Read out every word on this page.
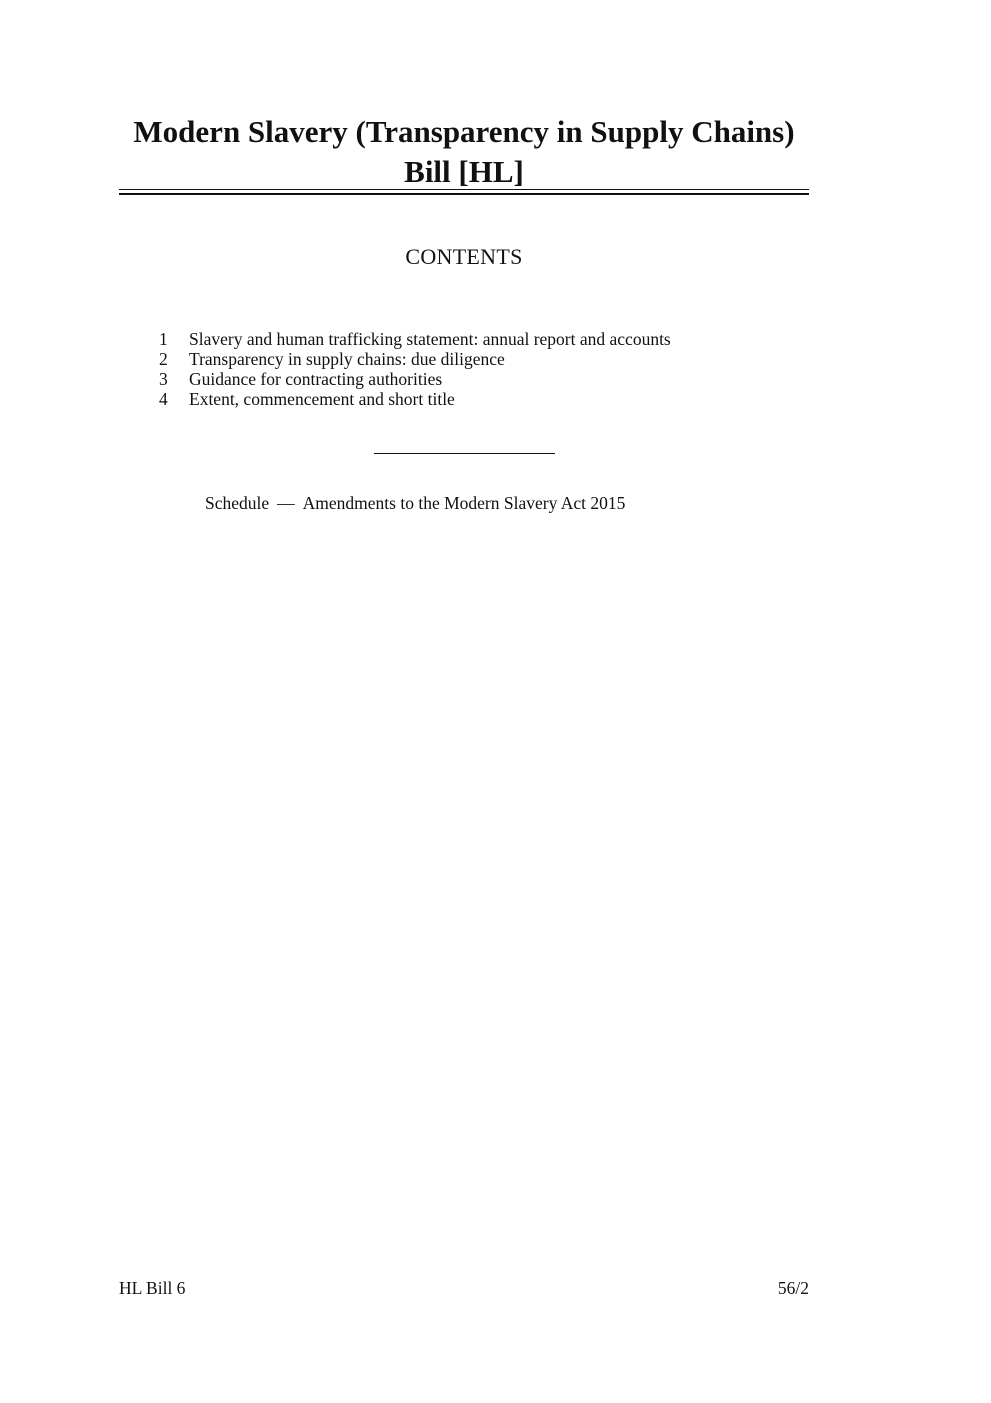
Modern Slavery (Transparency in Supply Chains)
Bill [HL]
CONTENTS
1	Slavery and human trafficking statement: annual report and accounts
2	Transparency in supply chains: due diligence
3	Guidance for contracting authorities
4	Extent, commencement and short title
Schedule — Amendments to the Modern Slavery Act 2015
HL Bill 6	56/2
